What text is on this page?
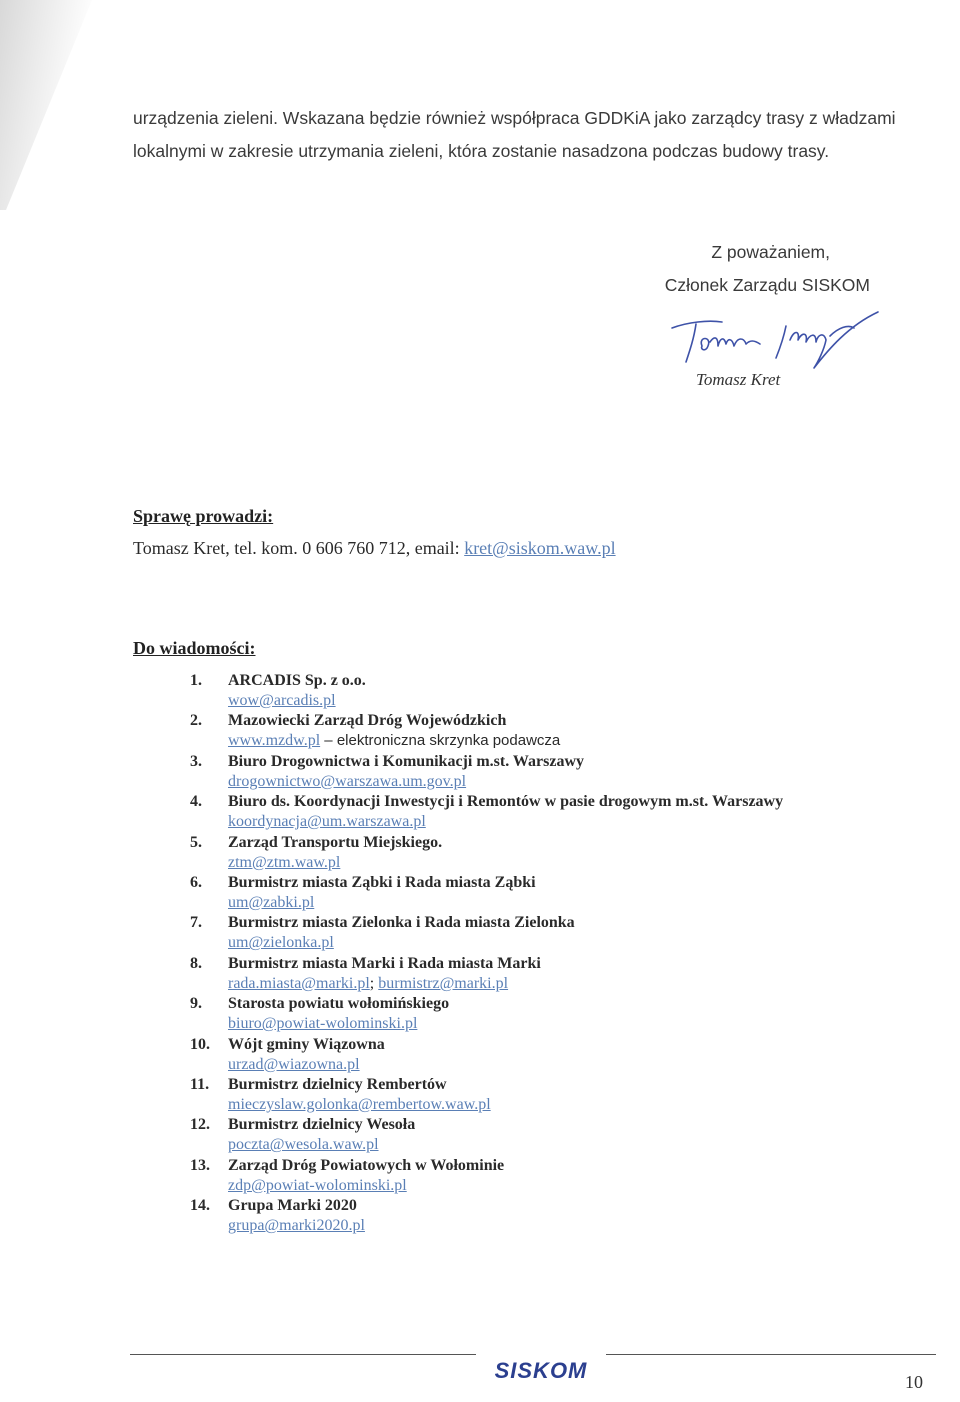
urządzenia zieleni. Wskazana będzie również współpraca GDDKiA jako zarządcy trasy z władzami

lokalnymi w zakresie utrzymania zieleni, która zostanie nasadzona podczas budowy trasy.

Z poważaniem,
Członek Zarządu SISKOM
Tomasz Kret
Sprawę prowadzi:
Tomasz Kret, tel. kom. 0 606 760 712, email: kret@siskom.waw.pl
Do wiadomości:
1.	ARCADIS Sp. z o.o.
wow@arcadis.pl
2.	Mazowiecki Zarząd Dróg Wojewódzkich
www.mzdw.pl – elektroniczna skrzynka podawcza
3.	Biuro Drogownictwa i Komunikacji m.st. Warszawy
drogownictwo@warszawa.um.gov.pl
4.	Biuro ds. Koordynacji Inwestycji i Remontów w pasie drogowym m.st. Warszawy
koordynacja@um.warszawa.pl
5.	Zarząd Transportu Miejskiego.
ztm@ztm.waw.pl
6.	Burmistrz miasta Ząbki i Rada miasta Ząbki
um@zabki.pl
7.	Burmistrz miasta Zielonka i Rada miasta Zielonka
um@zielonka.pl
8.	Burmistrz miasta Marki i Rada miasta Marki
rada.miasta@marki.pl; burmistrz@marki.pl
9.	Starosta powiatu wołomińskiego
biuro@powiat-wolominski.pl
10.	Wójt gminy Wiązowna
urzad@wiazowna.pl
11.	Burmistrz dzielnicy Rembertów
mieczyslaw.golonka@rembertow.waw.pl
12.	Burmistrz dzielnicy Wesoła
poczta@wesola.waw.pl
13.	Zarząd Dróg Powiatowych w Wołominie
zdp@powiat-wolominski.pl
14.	Grupa Marki 2020
grupa@marki2020.pl
SISKOM	10
